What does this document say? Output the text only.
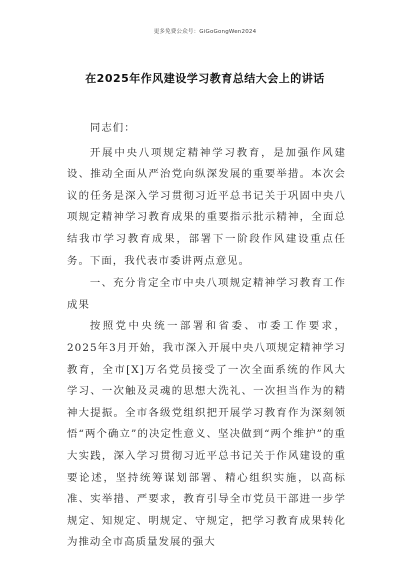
更多免费公众号：GiGoGongWen2024
在2025年作风建设学习教育总结大会上的讲话

同志们：

开展中央八项规定精神学习教育，是加强作风建设、推动全面从严治党向纵深发展的重要举措。本次会议的任务是深入学习贯彻习近平总书记关于巩固中央八项规定精神学习教育成果的重要指示批示精神，全面总结我市学习教育成果，部署下一阶段作风建设重点任务。下面，我代表市委讲两点意见。

一、充分肯定全市中央八项规定精神学习教育工作成果

按照党中央统一部署和省委、市委工作要求，2025年3月开始，我市深入开展中央八项规定精神学习教育，全市[X]万名党员接受了一次全面系统的作风大学习、一次触及灵魂的思想大洗礼、一次担当作为的精神大提振。全市各级党组织把开展学习教育作为深刻领悟“两个确立”的决定性意义、坚决做到“两个维护”的重大实践，深入学习贯彻习近平总书记关于作风建设的重要论述，坚持统筹谋划部署、精心组织实施，以高标准、实举措、严要求，教育引导全市党员干部进一步学规定、知规定、明规定、守规定，把学习教育成果转化为推动全市高质量发展的强大
